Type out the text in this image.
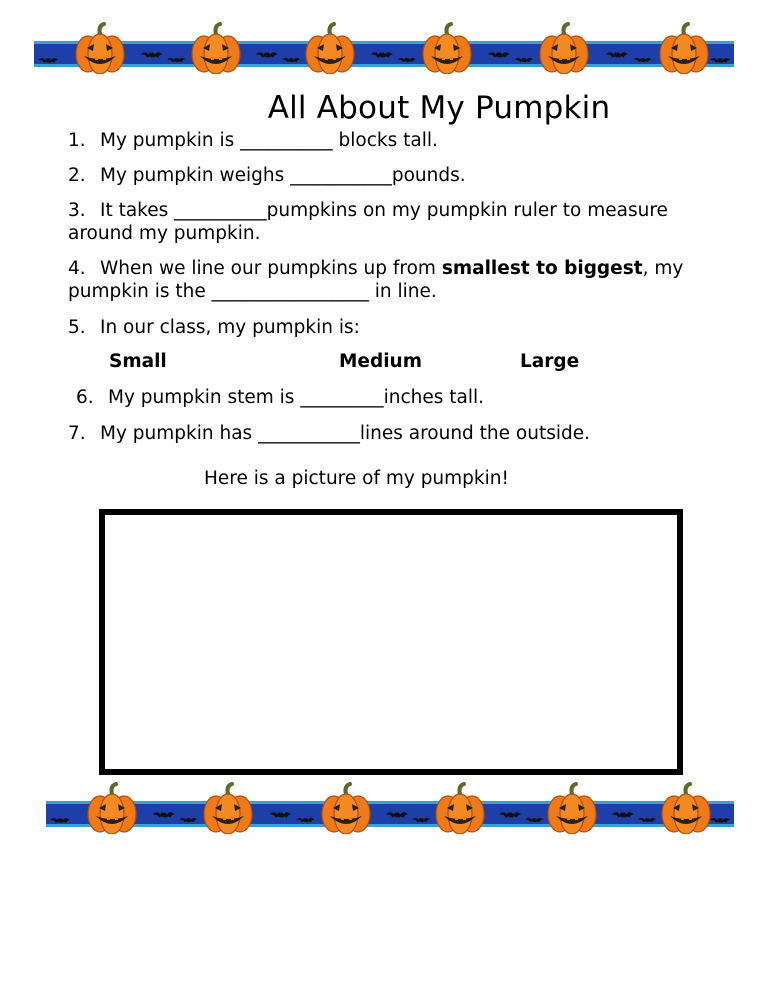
All About My Pumpkin
1. My pumpkin is __________ blocks tall.
2. My pumpkin weighs ___________pounds.
3. It takes __________pumpkins on my pumpkin ruler to measure around my pumpkin.
4. When we line our pumpkins up from smallest to biggest, my pumpkin is the _________________ in line.
5. In our class, my pumpkin is:
Small	Medium	Large
6. My pumpkin stem is _________inches tall.
7. My pumpkin has ___________lines around the outside.
Here is a picture of my pumpkin!
